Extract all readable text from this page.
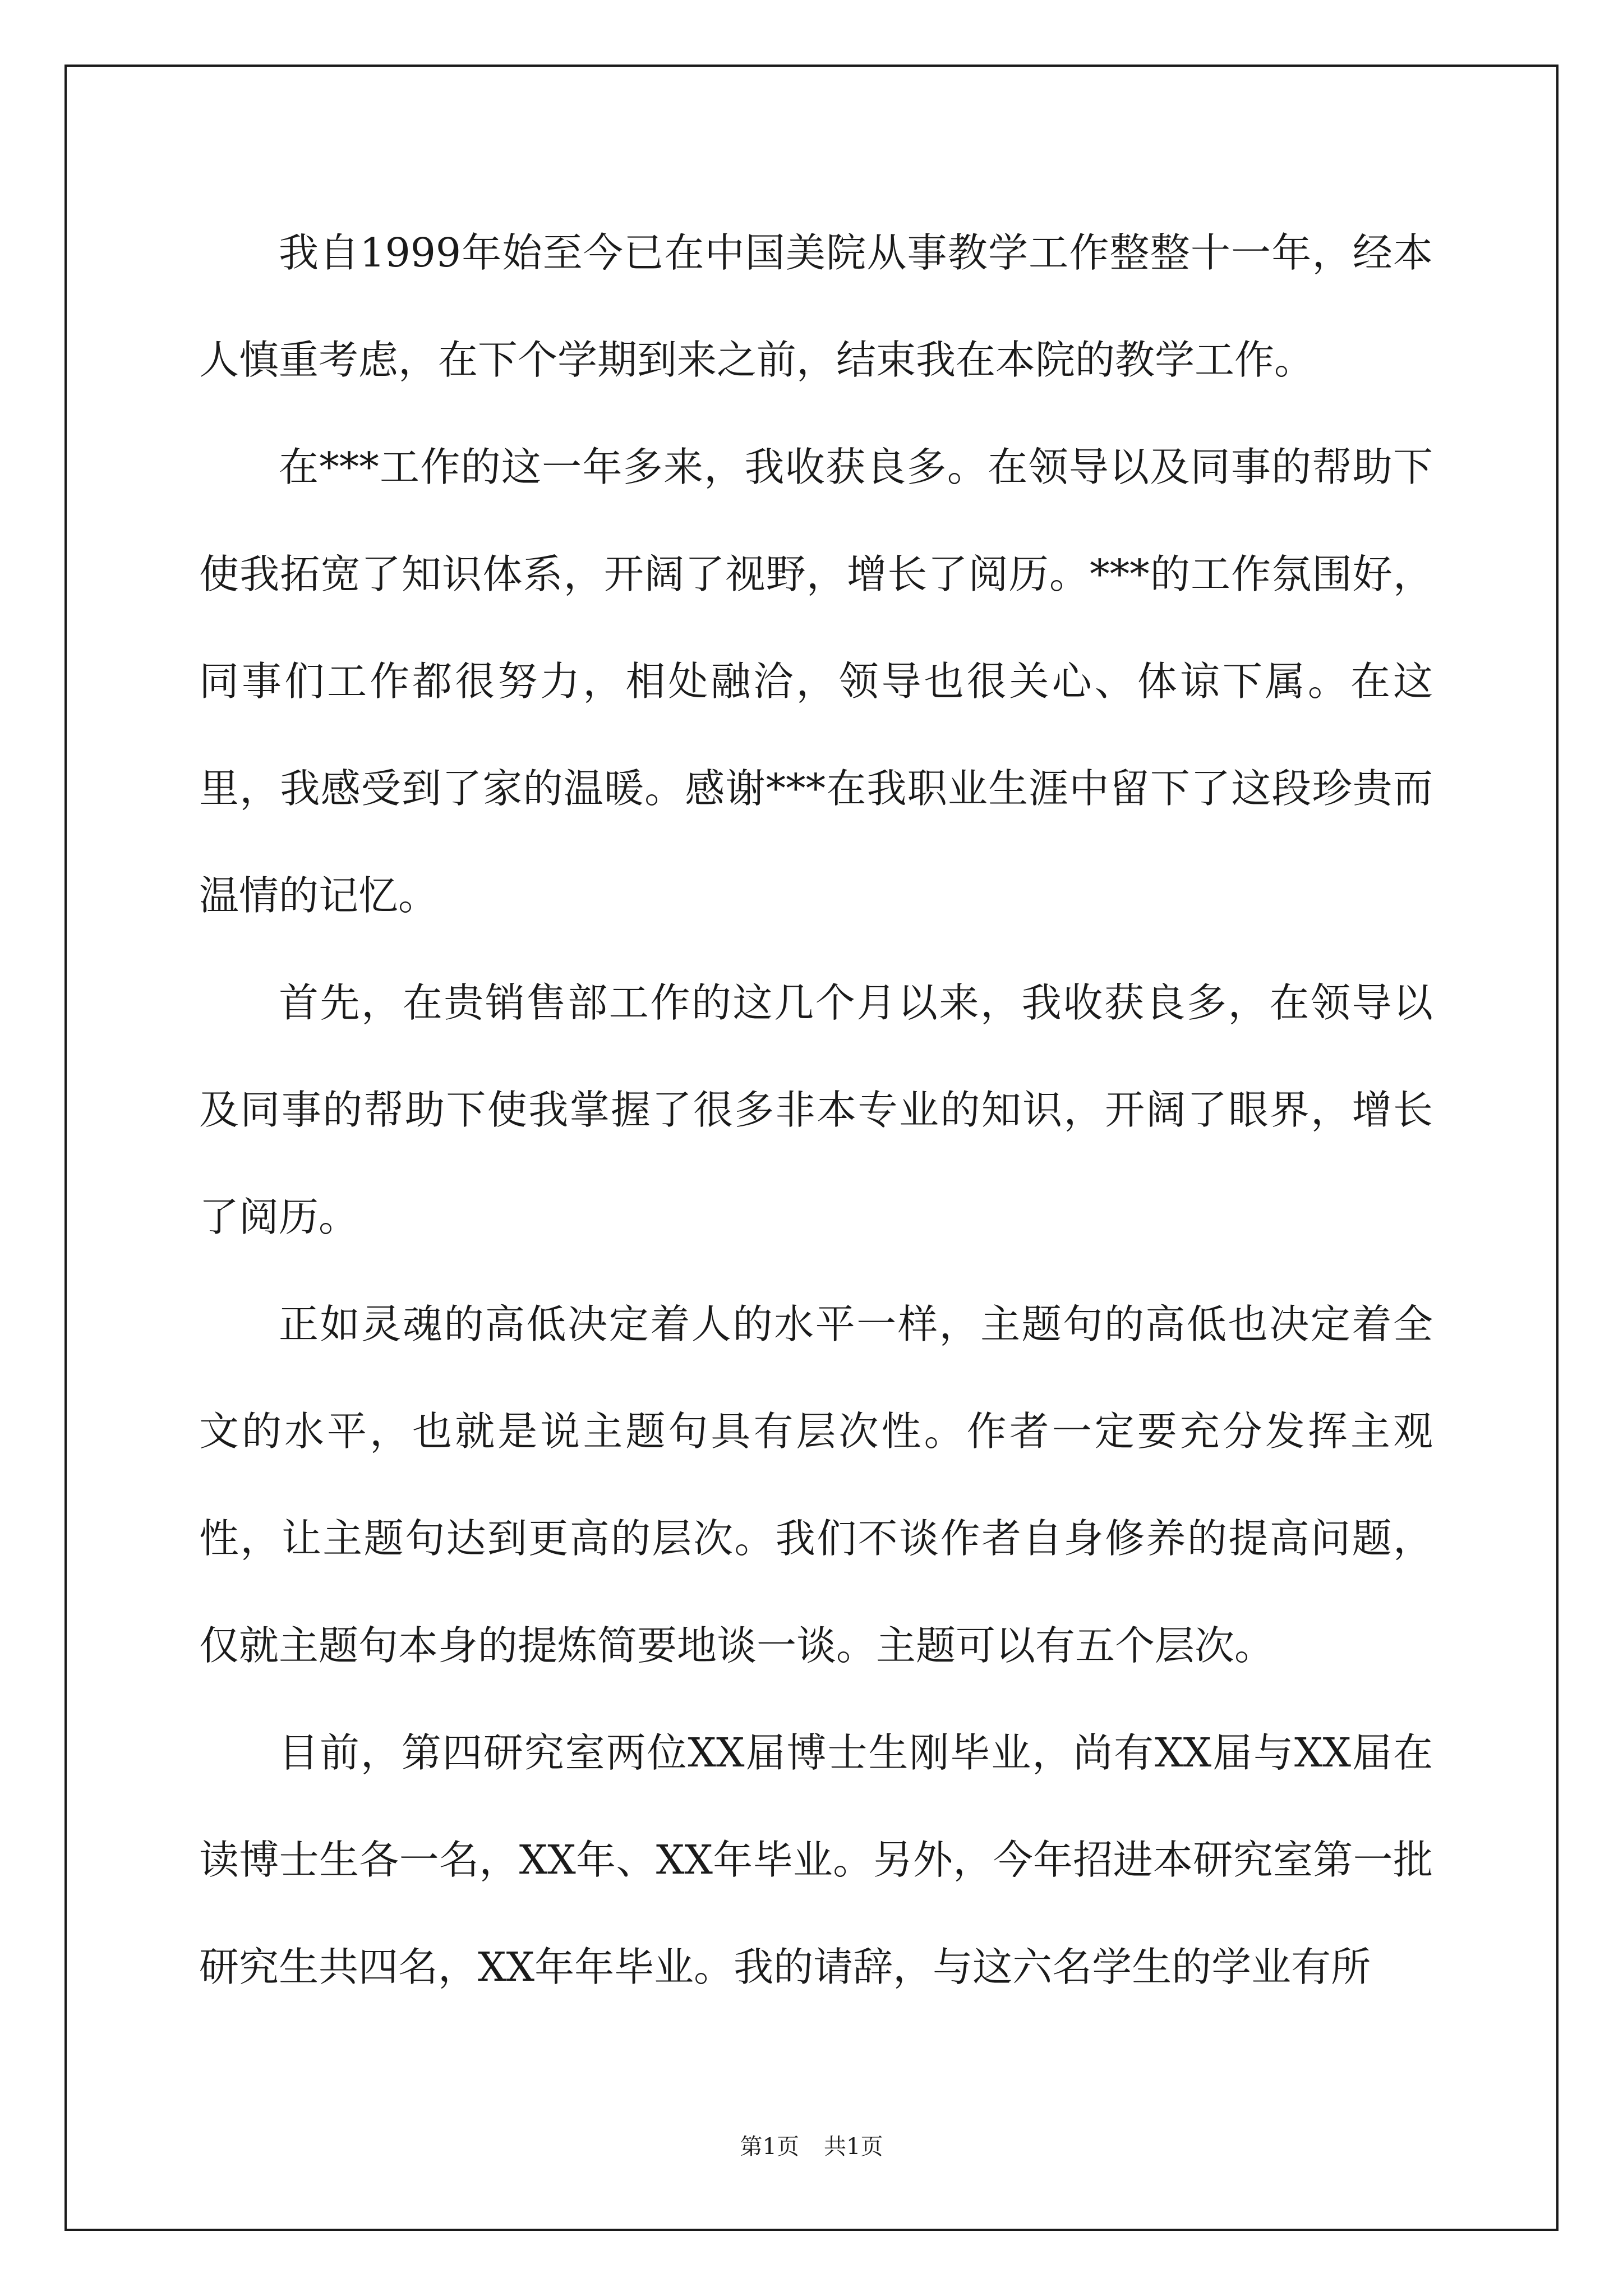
我自1999年始至今已在中国美院从事教学工作整整十一年，经本人慎重考虑，在下个学期到来之前，结束我在本院的教学工作。

在***工作的这一年多来，我收获良多。在领导以及同事的帮助下使我拓宽了知识体系，开阔了视野，增长了阅历。***的工作氛围好，同事们工作都很努力，相处融洽，领导也很关心、体谅下属。在这里，我感受到了家的温暖。感谢***在我职业生涯中留下了这段珍贵而温情的记忆。

首先，在贵销售部工作的这几个月以来，我收获良多，在领导以及同事的帮助下使我掌握了很多非本专业的知识，开阔了眼界，增长了阅历。

正如灵魂的高低决定着人的水平一样，主题句的高低也决定着全文的水平，也就是说主题句具有层次性。作者一定要充分发挥主观性，让主题句达到更高的层次。我们不谈作者自身修养的提高问题，仅就主题句本身的提炼简要地谈一谈。主题可以有五个层次。

目前，第四研究室两位XX届博士生刚毕业，尚有XX届与XX届在读博士生各一名，XX年、XX年毕业。另外，今年招进本研究室第一批研究生共四名，XX年年毕业。我的请辞，与这六名学生的学业有所

第1页 共1页
